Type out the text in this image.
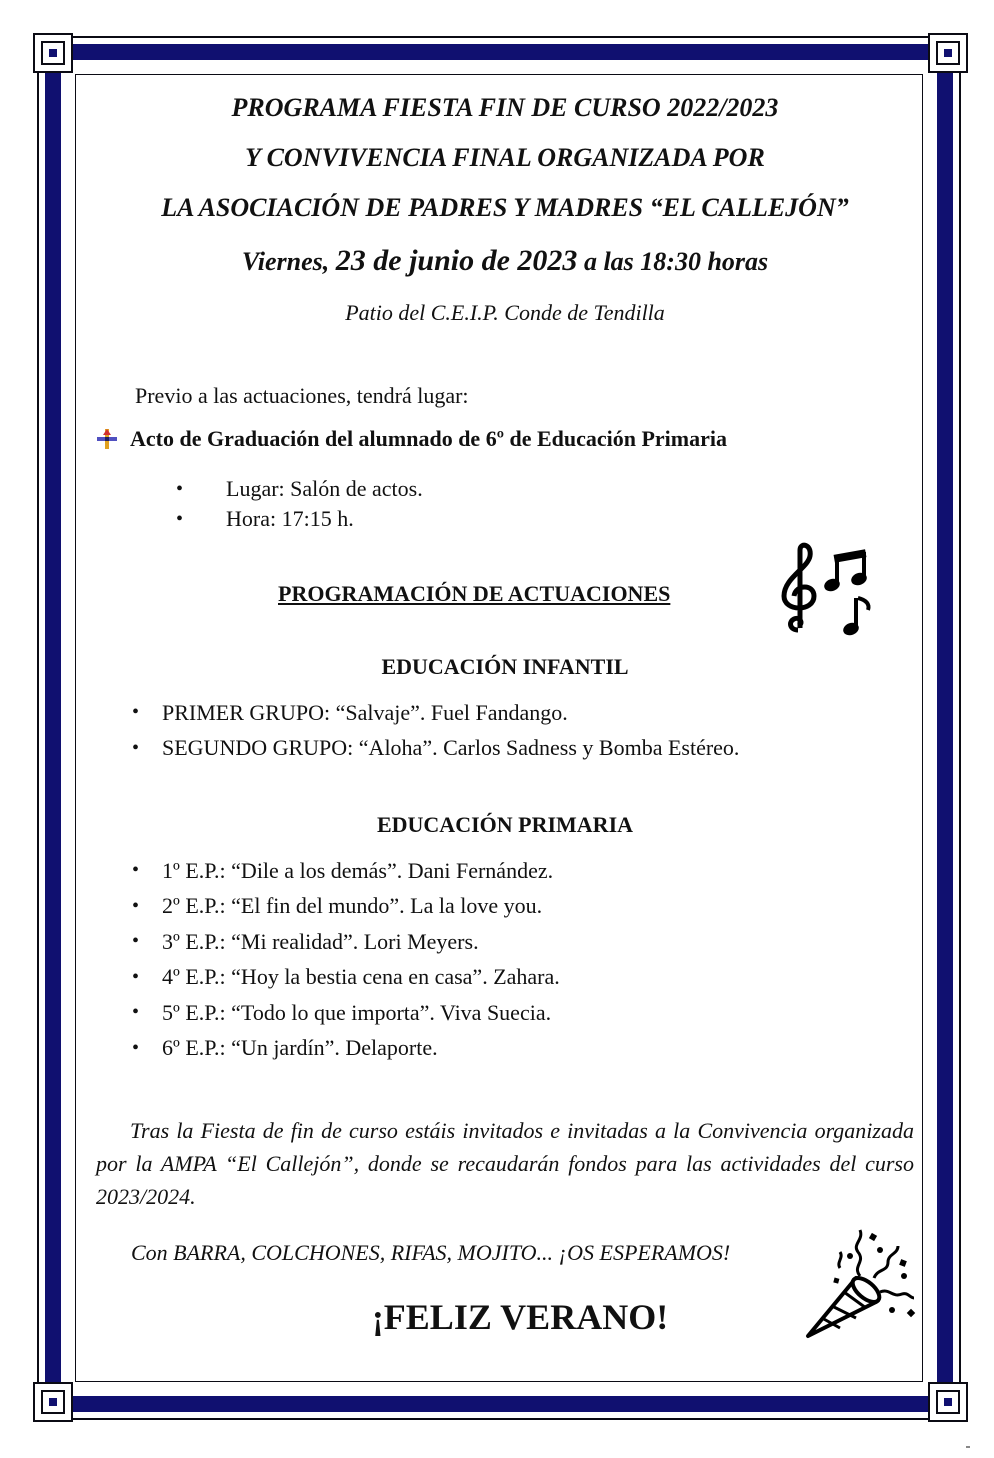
PROGRAMA FIESTA FIN DE CURSO 2022/2023
Y CONVIVENCIA FINAL ORGANIZADA POR
LA ASOCIACIÓN DE PADRES Y MADRES “EL CALLEJÓN”
Viernes, 23 de junio de 2023 a las 18:30 horas
Patio del C.E.I.P. Conde de Tendilla
Previo a las actuaciones, tendrá lugar:
Acto de Graduación del alumnado de 6º de Educación Primaria
•	Lugar: Salón de actos.
•	Hora: 17:15 h.
PROGRAMACIÓN DE ACTUACIONES
EDUCACIÓN INFANTIL
•	PRIMER GRUPO: “Salvaje”. Fuel Fandango.
•	SEGUNDO GRUPO: “Aloha”. Carlos Sadness y Bomba Estéreo.
EDUCACIÓN PRIMARIA
•	1º E.P.: “Dile a los demás”. Dani Fernández.
•	2º E.P.: “El fin del mundo”. La la love you.
•	3º E.P.: “Mi realidad”. Lori Meyers.
•	4º E.P.: “Hoy la bestia cena en casa”. Zahara.
•	5º E.P.: “Todo lo que importa”. Viva Suecia.
•	6º E.P.: “Un jardín”. Delaporte.
Tras la Fiesta de fin de curso estáis invitados e invitadas a la Convivencia organizada por la AMPA “El Callejón”, donde se recaudarán fondos para las actividades del curso 2023/2024.
Con BARRA, COLCHONES, RIFAS, MOJITO... ¡OS ESPERAMOS!
¡FELIZ VERANO!
